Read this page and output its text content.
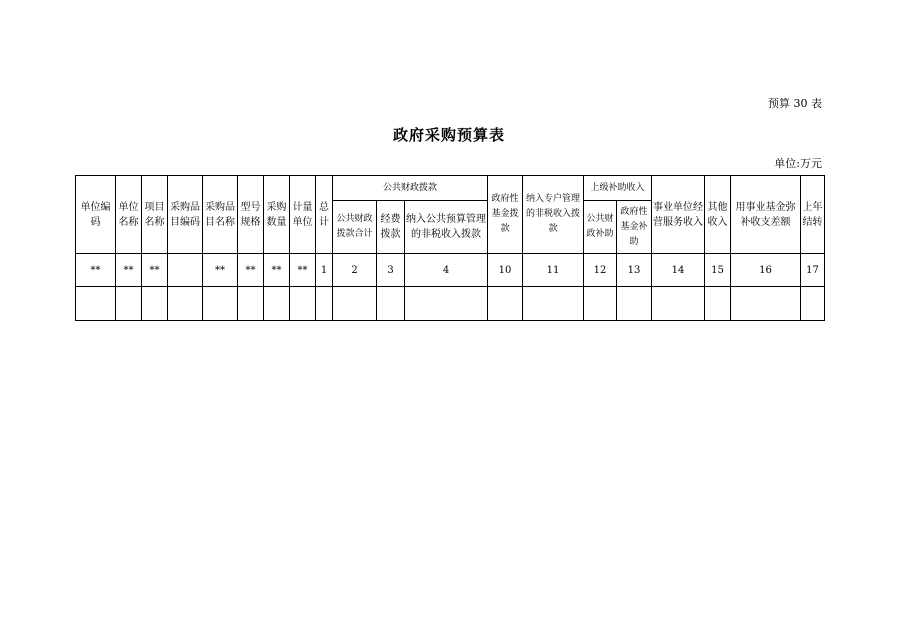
预算 30 表
政府采购预算表
单位:万元
单位编码	单位名称	项目名称	采购品目编码	采购品目名称	型号规格	采购数量	计量单位	总计	公共财政拨款			政府性基金拨款	纳入专户管理的非税收入拨款	上级补助收入		事业单位经营服务收入	其他收入	用事业基金弥补收支差额	上年结转
									公共财政拨款合计	经费拨款	纳入公共预算管理的非税收入拨款								
														公共财政补助	政府性基金补助				
**	**	**		**	**	**	**	1	2	3	4	10	11	12	13	14	15	16	17
